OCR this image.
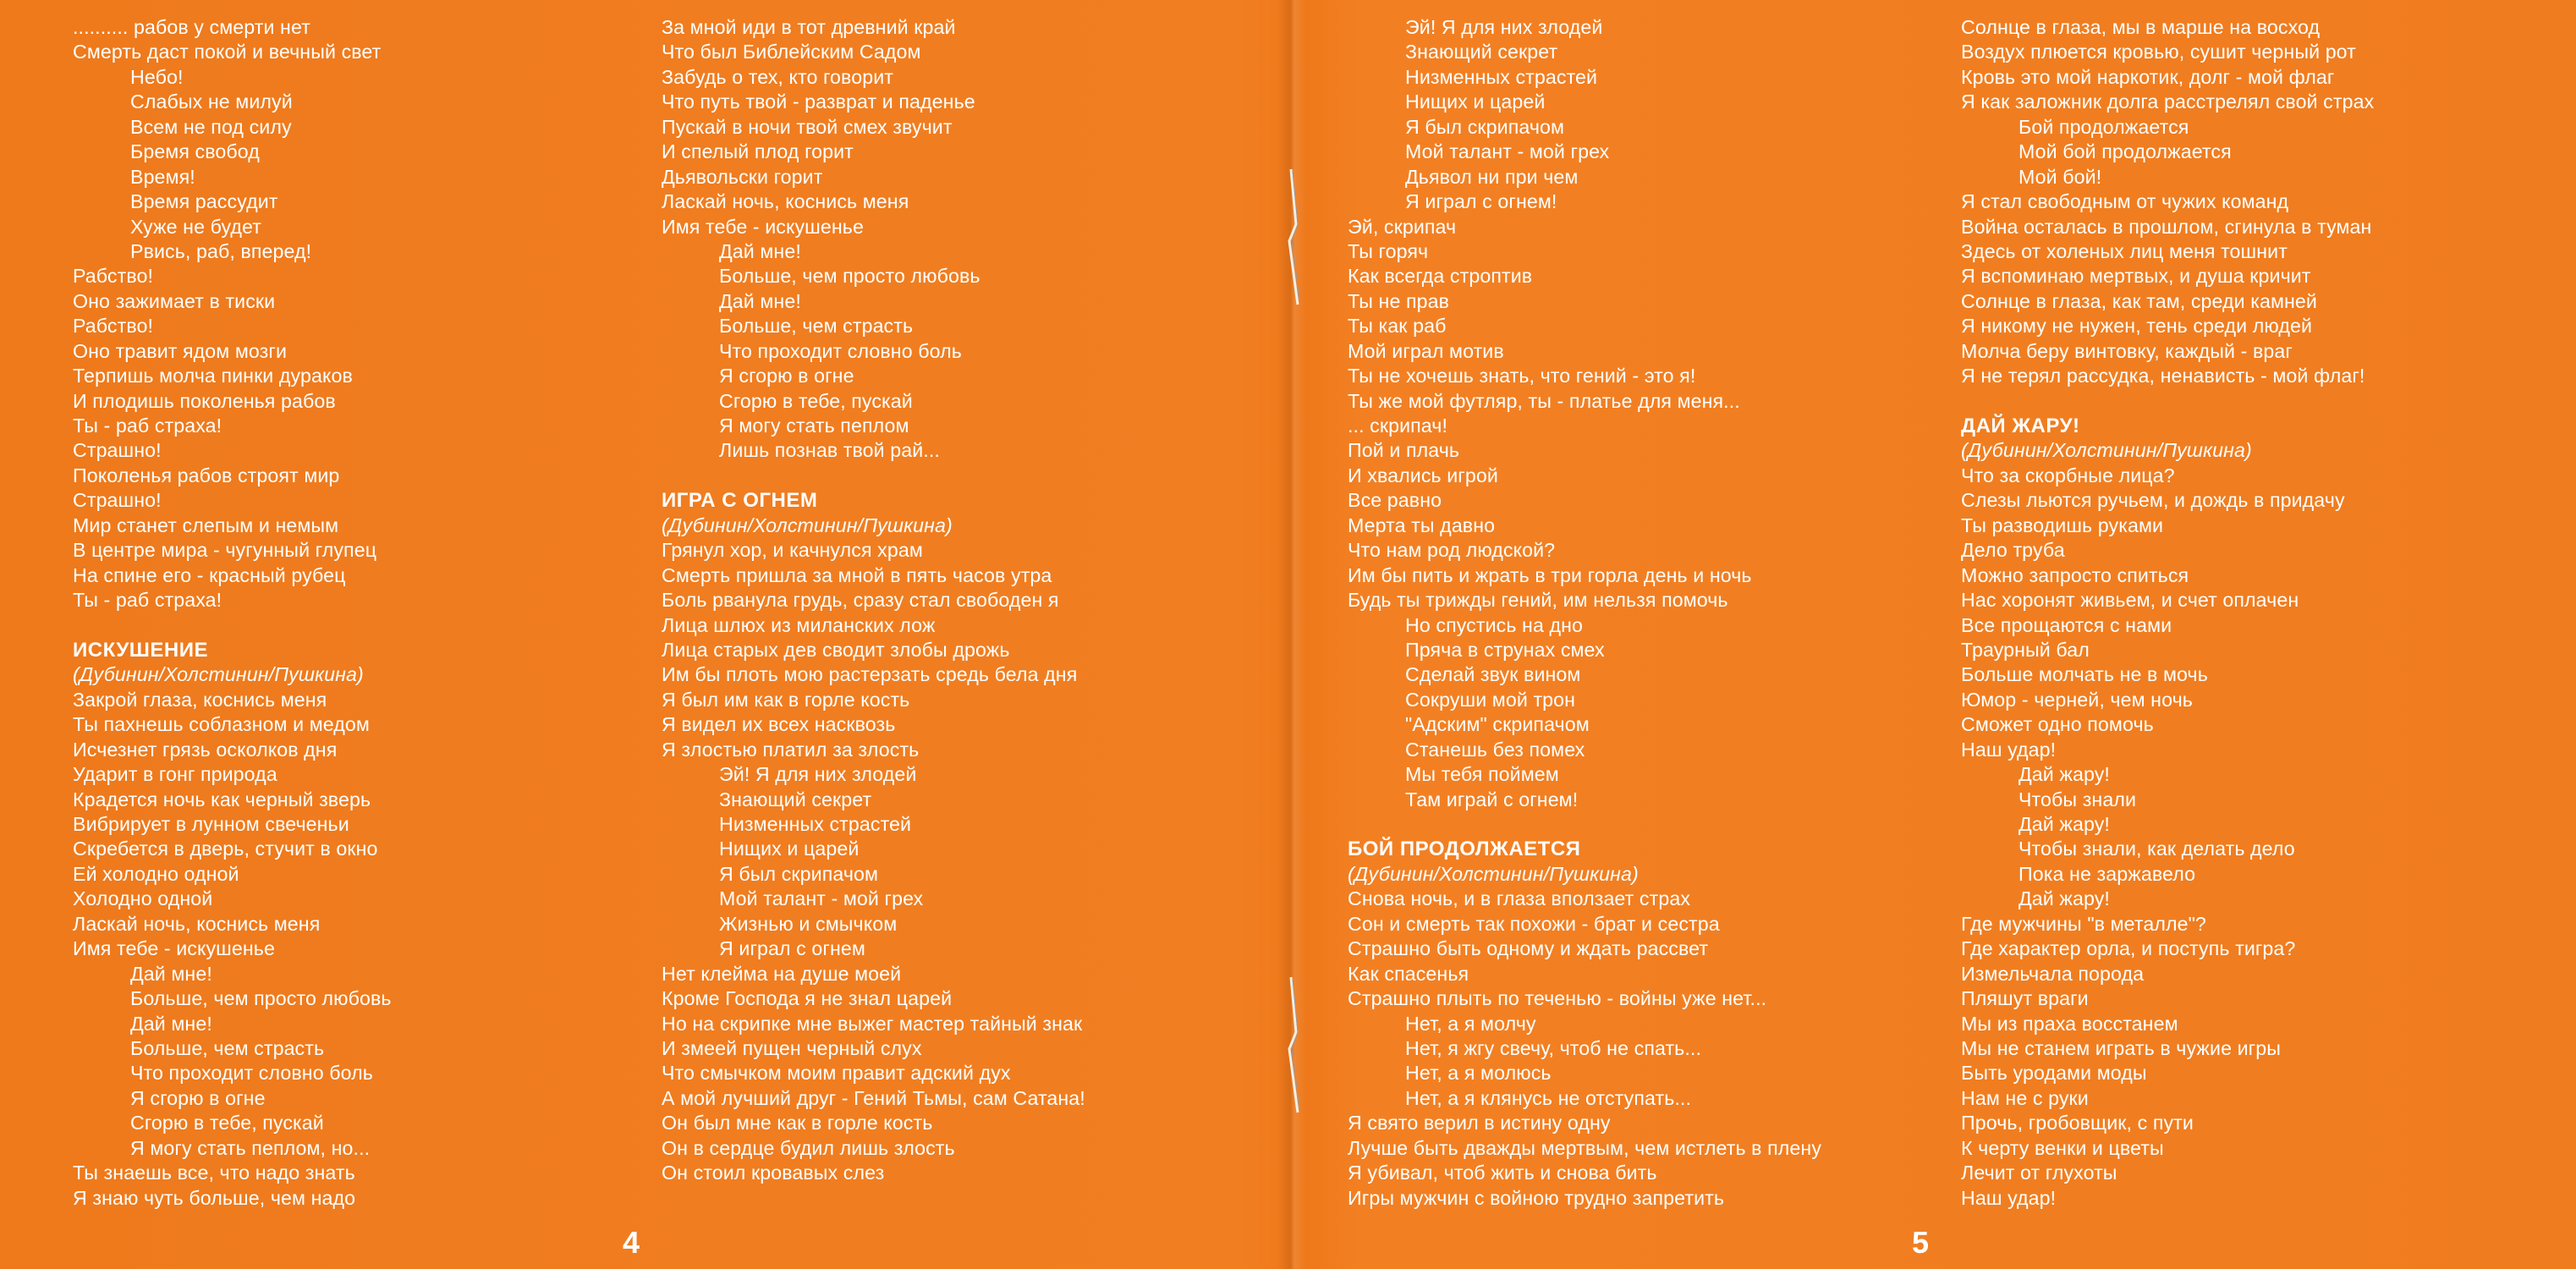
.......... рабов у смерти нет
Смерть даст покой и вечный свет
Небо!
Слабых не милуй
Всем не под силу
Бремя свобод
Время!
Время рассудит
Хуже не будет
Рвись, раб, вперед!
Рабство!
Оно зажимает в тиски
Рабство!
Оно травит ядом мозги
Терпишь молча пинки дураков
И плодишь поколенья рабов
Ты - раб страха!
Страшно!
Поколенья рабов строят мир
Страшно!
Мир станет слепым и немым
В центре мира - чугунный глупец
На спине его - красный рубец
Ты - раб страха!
ИСКУШЕНИЕ
(Дубинин/Холстинин/Пушкина)
Закрой глаза, коснись меня
Ты пахнешь соблазном и медом
Исчезнет грязь осколков дня
Ударит в гонг природа
Крадется ночь как черный зверь
Вибрирует в лунном свеченьи
Скребется в дверь, стучит в окно
Ей холодно одной
Холодно одной
Ласкай ночь, коснись меня
Имя тебе - искушенье
Дай мне!
Больше, чем просто любовь
Дай мне!
Больше, чем страсть
Что проходит словно боль
Я сгорю в огне
Сгорю в тебе, пускай
Я могу стать пеплом, но...
Ты знаешь все, что надо знать
Я знаю чуть больше, чем надо
За мной иди в тот древний край
Что был Библейским Садом
Забудь о тех, кто говорит
Что путь твой - разврат и паденье
Пускай в ночи твой смех звучит
И спелый плод горит
Дьявольски горит
Ласкай ночь, коснись меня
Имя тебе - искушенье
Дай мне!
Больше, чем просто любовь
Дай мне!
Больше, чем страсть
Что проходит словно боль
Я сгорю в огне
Сгорю в тебе, пускай
Я могу стать пеплом
Лишь познав твой рай...
ИГРА С ОГНЕМ
(Дубинин/Холстинин/Пушкина)
Грянул хор, и качнулся храм
Смерть пришла за мной в пять часов утра
Боль рванула грудь, сразу стал свободен я
Лица шлюх из миланских лож
Лица старых дев сводит злобы дрожь
Им бы плоть мою растерзать средь бела дня
Я был им как в горле кость
Я видел их всех насквозь
Я злостью платил за злость
Эй! Я для них злодей
Знающий секрет
Низменных страстей
Нищих и царей
Я был скрипачом
Мой талант - мой грех
Жизнью и смычком
Я играл с огнем
Нет клейма на душе моей
Кроме Господа я не знал царей
Но на скрипке мне выжег мастер тайный знак
И змеей пущен черный слух
Что смычком моим правит адский дух
А мой лучший друг - Гений Тьмы, сам Сатана!
Он был мне как в горле кость
Он в сердце будил лишь злость
Он стоил кровавых слез
Эй! Я для них злодей
Знающий секрет
Низменных страстей
Нищих и царей
Я был скрипачом
Мой талант - мой грех
Дьявол ни при чем
Я играл с огнем!
Эй, скрипач
Ты горяч
Как всегда строптив
Ты не прав
Ты как раб
Мой играл мотив
Ты не хочешь знать, что гений - это я!
Ты же мой футляр, ты - платье для меня...
... скрипач!
Пой и плачь
И хвались игрой
Все равно
Мерта ты давно
Что нам род людской?
Им бы пить и жрать в три горла день и ночь
Будь ты трижды гений, им нельзя помочь
Но спустись на дно
Пряча в струнах смех
Сделай звук вином
Сокруши мой трон
"Адским" скрипачом
Станешь без помех
Мы тебя поймем
Там играй с огнем!
БОЙ ПРОДОЛЖАЕТСЯ
(Дубинин/Холстинин/Пушкина)
Снова ночь, и в глаза вползает страх
Сон и смерть так похожи - брат и сестра
Страшно быть одному и ждать рассвет
Как спасенья
Страшно плыть по теченью - войны уже нет...
Нет, а я молчу
Нет, я жгу свечу, чтоб не спать...
Нет, а я молюсь
Нет, а я клянусь не отступать...
Я свято верил в истину одну
Лучше быть дважды мертвым, чем истлеть в плену
Я убивал, чтоб жить и снова бить
Игры мужчин с войною трудно запретить
Солнце в глаза, мы в марше на восход
Воздух плюется кровью, сушит черный рот
Кровь это мой наркотик, долг - мой флаг
Я как заложник долга расстрелял свой страх
Бой продолжается
Мой бой продолжается
Мой бой!
Я стал свободным от чужих команд
Война осталась в прошлом, сгинула в туман
Здесь от холеных лиц меня тошнит
Я вспоминаю мертвых, и душа кричит
Солнце в глаза, как там, среди камней
Я никому не нужен, тень среди людей
Молча беру винтовку, каждый - враг
Я не терял рассудка, ненависть - мой флаг!
ДАЙ ЖАРУ!
(Дубинин/Холстинин/Пушкина)
Что за скорбные лица?
Слезы льются ручьем, и дождь в придачу
Ты разводишь руками
Дело труба
Можно запросто спиться
Нас хоронят живьем, и счет оплачен
Все прощаются с нами
Траурный бал
Больше молчать не в мочь
Юмор - черней, чем ночь
Сможет одно помочь
Наш удар!
Дай жару!
Чтобы знали
Дай жару!
Чтобы знали, как делать дело
Пока не заржавело
Дай жару!
Где мужчины "в металле"?
Где характер орла, и поступь тигра?
Измельчала порода
Пляшут враги
Мы из праха восстанем
Мы не станем играть в чужие игры
Быть уродами моды
Нам не с руки
Прочь, гробовщик, с пути
К черту венки и цветы
Лечит от глухоты
Наш удар!
4	5
